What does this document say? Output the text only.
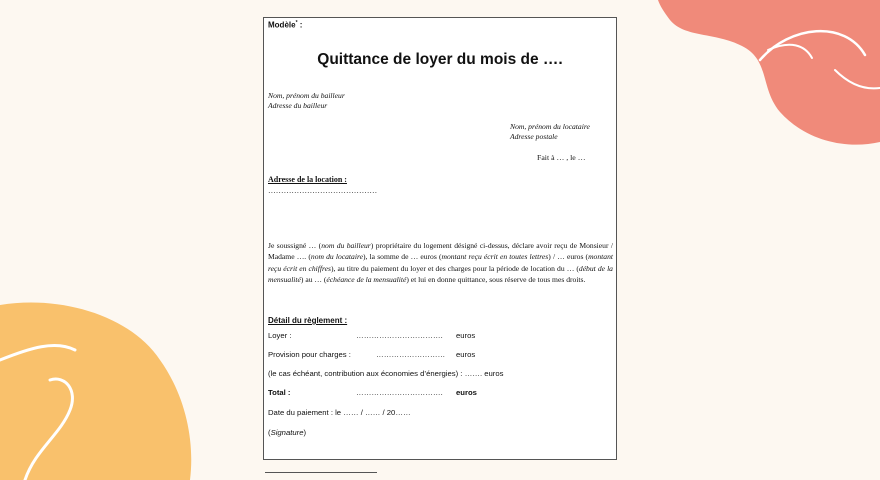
Modèle* :
Quittance de loyer du mois de ….
Nom, prénom du bailleur
Adresse du bailleur
Nom, prénom du locataire
Adresse postale
Fait à … , le …
Adresse de la location :
……………………………………
Je soussigné … (nom du bailleur) propriétaire du logement désigné ci-dessus, déclare avoir reçu de Monsieur / Madame …. (nom du locataire), la somme de … euros (montant reçu écrit en toutes lettres) / … euros (montant reçu écrit en chiffres), au titre du paiement du loyer et des charges pour la période de location du … (début de la mensualité) au … (échéance de la mensualité) et lui en donne quittance, sous réserve de tous mes droits.
Détail du règlement :
Loyer :	……………………………. euros
Provision pour charges :	……………………… euros
(le cas échéant, contribution aux économies d’énergies) : ……. euros
Total :	……………………………. euros
Date du paiement : le …… / …… / 20……
(Signature)
